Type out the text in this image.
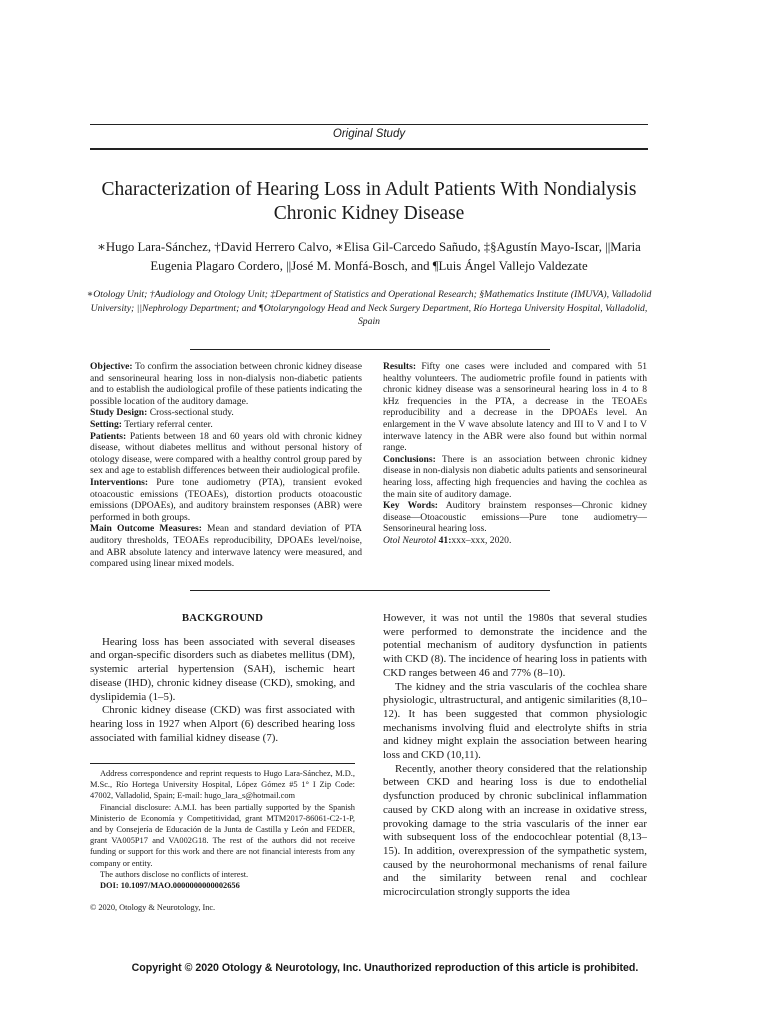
Original Study
Characterization of Hearing Loss in Adult Patients With Nondialysis Chronic Kidney Disease

∗Hugo Lara-Sánchez, †David Herrero Calvo, ∗Elisa Gil-Carcedo Sañudo, ‡§Agustín Mayo-Iscar, ||Maria Eugenia Plagaro Cordero, ||José M. Monfá-Bosch, and ¶Luis Ángel Vallejo Valdezate

∗Otology Unit; †Audiology and Otology Unit; ‡Department of Statistics and Operational Research; §Mathematics Institute (IMUVA), Valladolid University; ||Nephrology Department; and ¶Otolaryngology Head and Neck Surgery Department, Río Hortega University Hospital, Valladolid, Spain

Objective: To confirm the association between chronic kidney disease and sensorineural hearing loss in non-dialysis non-diabetic patients and to establish the audiological profile of these patients indicating the possible location of the auditory damage.

Study Design: Cross-sectional study.

Setting: Tertiary referral center.

Patients: Patients between 18 and 60 years old with chronic kidney disease, without diabetes mellitus and without personal history of otology disease, were compared with a healthy control group pared by sex and age to establish differences between their audiological profile.

Interventions: Pure tone audiometry (PTA), transient evoked otoacoustic emissions (TEOAEs), distortion products otoacoustic emissions (DPOAEs), and auditory brainstem responses (ABR) were performed in both groups.

Main Outcome Measures: Mean and standard deviation of PTA auditory thresholds, TEOAEs reproducibility, DPOAEs level/noise, and ABR absolute latency and interwave latency were measured, and compared using linear mixed models.

Results: Fifty one cases were included and compared with 51 healthy volunteers. The audiometric profile found in patients with chronic kidney disease was a sensorineural hearing loss in 4 to 8 kHz frequencies in the PTA, a decrease in the TEOAEs reproducibility and a decrease in the DPOAEs level. An enlargement in the V wave absolute latency and III to V and I to V interwave latency in the ABR were also found but within normal range.

Conclusions: There is an association between chronic kidney disease in non-dialysis non diabetic adults patients and sensorineural hearing loss, affecting high frequencies and having the cochlea as the main site of auditory damage.

Key Words: Auditory brainstem responses—Chronic kidney disease—Otoacoustic emissions—Pure tone audiometry—Sensorineural hearing loss.

Otol Neurotol 41:xxx–xxx, 2020.

BACKGROUND

Hearing loss has been associated with several diseases and organ-specific disorders such as diabetes mellitus (DM), systemic arterial hypertension (SAH), ischemic heart disease (IHD), chronic kidney disease (CKD), smoking, and dyslipidemia (1–5).

Chronic kidney disease (CKD) was first associated with hearing loss in 1927 when Alport (6) described hearing loss associated with familial kidney disease (7).

However, it was not until the 1980s that several studies were performed to demonstrate the incidence and the potential mechanism of auditory dysfunction in patients with CKD (8). The incidence of hearing loss in patients with CKD ranges between 46 and 77% (8–10).

The kidney and the stria vascularis of the cochlea share physiologic, ultrastructural, and antigenic similarities (8,10–12). It has been suggested that common physiologic mechanisms involving fluid and electrolyte shifts in stria and kidney might explain the association between hearing loss and CKD (10,11).

Recently, another theory considered that the relationship between CKD and hearing loss is due to endothelial dysfunction produced by chronic subclinical inflammation caused by CKD along with an increase in oxidative stress, provoking damage to the stria vascularis of the inner ear with subsequent loss of the endocochlear potential (8,13–15). In addition, overexpression of the sympathetic system, caused by the neurohormonal mechanisms of renal failure and the similarity between renal and cochlear microcirculation strongly supports the idea

Address correspondence and reprint requests to Hugo Lara-Sánchez, M.D., M.Sc., Río Hortega University Hospital, López Gómez #5 1° I Zip Code: 47002, Valladolid, Spain; E-mail: hugo_lara_s@hotmail.com

Financial disclosure: A.M.I. has been partially supported by the Spanish Ministerio de Economía y Competitividad, grant MTM2017-86061-C2-1-P, and by Consejería de Educación de la Junta de Castilla y León and FEDER, grant VA005P17 and VA002G18. The rest of the authors did not receive funding or support for this work and there are not financial interests from any company or entity.

The authors disclose no conflicts of interest.

DOI: 10.1097/MAO.0000000000002656

© 2020, Otology & Neurotology, Inc.
Copyright © 2020 Otology & Neurotology, Inc. Unauthorized reproduction of this article is prohibited.
